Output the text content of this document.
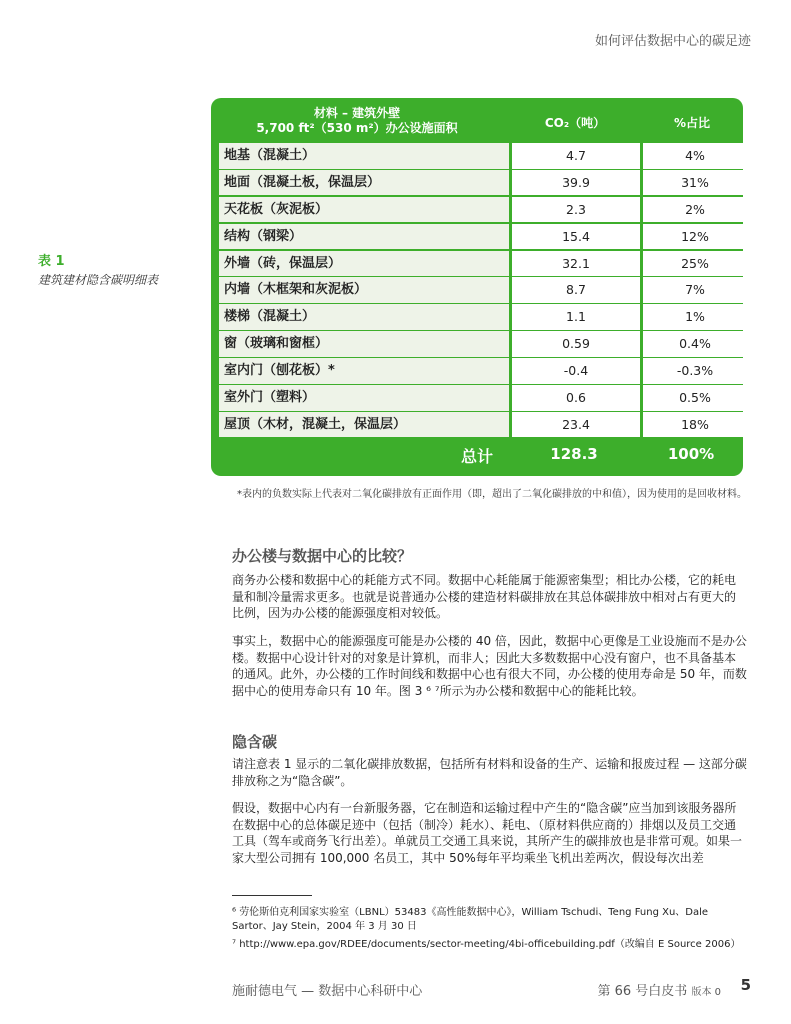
如何评估数据中心的碳足迹
表 1
建筑建材隐含碳明细表
材料 – 建筑外壁
5,700 ft²（530 m²）办公设施面积	CO₂（吨）	%占比
地基（混凝土）	4.7	4%
地面（混凝土板，保温层）	39.9	31%
天花板（灰泥板）	2.3	2%
结构（钢梁）	15.4	12%
外墙（砖，保温层）	32.1	25%
内墙（木框架和灰泥板）	8.7	7%
楼梯（混凝土）	1.1	1%
窗（玻璃和窗框）	0.59	0.4%
室内门（刨花板）*	-0.4	-0.3%
室外门（塑料）	0.6	0.5%
屋顶（木材，混凝土，保温层）	23.4	18%
总计	128.3	100%
*表内的负数实际上代表对二氧化碳排放有正面作用（即，超出了二氧化碳排放的中和值），因为使用的是回收材料。
办公楼与数据中心的比较？

商务办公楼和数据中心的耗能方式不同。数据中心耗能属于能源密集型；相比办公楼，它的耗电量和制冷量需求更多。也就是说普通办公楼的建造材料碳排放在其总体碳排放中相对占有更大的比例，因为办公楼的能源强度相对较低。

事实上，数据中心的能源强度可能是办公楼的 40 倍，因此，数据中心更像是工业设施而不是办公楼。数据中心设计针对的对象是计算机，而非人；因此大多数数据中心没有窗户，也不具备基本的通风。此外，办公楼的工作时间线和数据中心也有很大不同，办公楼的使用寿命是 50 年，而数据中心的使用寿命只有 10 年。图 3 ⁶ ⁷所示为办公楼和数据中心的能耗比较。

隐含碳

请注意表 1 显示的二氧化碳排放数据，包括所有材料和设备的生产、运输和报废过程 — 这部分碳排放称之为“隐含碳”。

假设，数据中心内有一台新服务器，它在制造和运输过程中产生的“隐含碳”应当加到该服务器所在数据中心的总体碳足迹中（包括（制冷）耗水）、耗电、（原材料供应商的）排烟以及员工交通工具（驾车或商务飞行出差）。单就员工交通工具来说，其所产生的碳排放也是非常可观。如果一家大型公司拥有 100,000 名员工，其中 50%每年平均乘坐飞机出差两次，假设每次出差

⁶ 劳伦斯伯克利国家实验室（LBNL）53483《高性能数据中心》，William Tschudi、Teng Fung Xu、Dale Sartor、Jay Stein，2004 年 3 月 30 日
⁷ http://www.epa.gov/RDEE/documents/sector-meeting/4bi-officebuilding.pdf（改编自 E Source 2006）
施耐德电气 — 数据中心科研中心	第 66 号白皮书 版本 0 5
